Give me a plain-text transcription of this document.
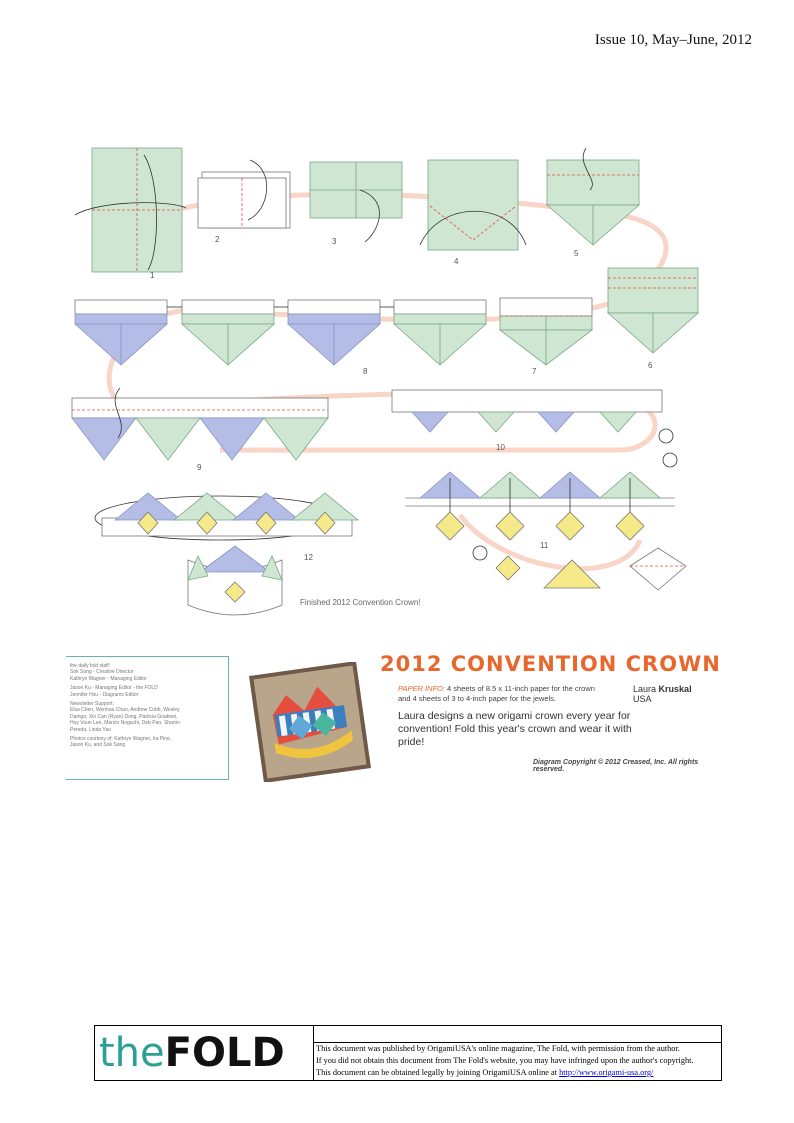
Issue 10, May–June, 2012
1
2	3
4
5
6
7
8
9
10
11
12
Finished 2012 Convention Crown!

the daily fold staff:
Sok Song - Creative Director
Kathryn Wagner - Managing Editor

Jason Ku - Managing Editor - the FOLD
Jennifer Hsu - Diagrams Editor

Newsletter Support:
Elsa Chen, Wenhau Chao, Andrew Cobb, Wesley
Damgo, Xin Can (Ryan) Dong, Patricia Gradinei,
Huy Voun Lee, Marcio Noguchi, Deb Pan, Sharon
Pereda, Linda Yau

Photos courtesy of: Kathryn Wagner, Ira Pine,
Jason Ku, and Sok Song

2012 CONVENTION CROWN
PAPER INFO: 4 sheets of 8.5 x 11-inch paper for the crown
and 4 sheets of 3 to 4-inch paper for the jewels.
Laura Kruskal
USA
Laura designs a new origami crown every year for convention! Fold this year's crown and wear it with pride!
Diagram Copyright © 2012 Creased, Inc. All rights reserved.
theFOLD	This document was published by OrigamiUSA's online magazine, The Fold, with permission from the author.

If you did not obtain this document from The Fold's website, you may have infringed upon the author's copyright.

This document can be obtained legally by joining OrigamiUSA online at http://www.origami-usa.org/
